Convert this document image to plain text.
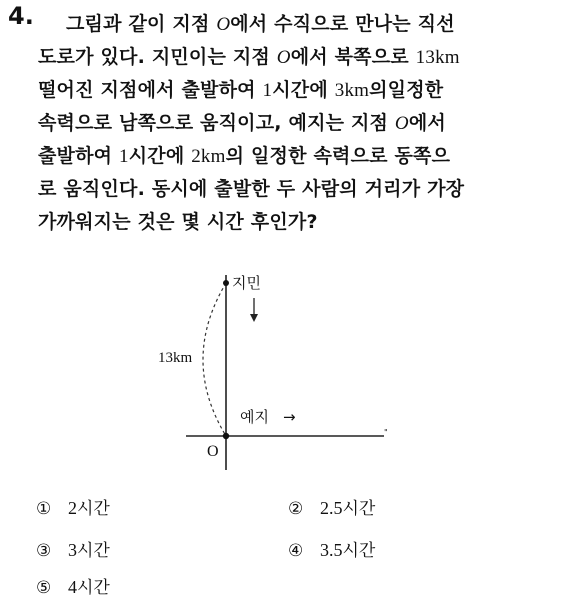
4.	그림과 같이 지점 O에서 수직으로 만나는 직선
도로가 있다. 지민이는 지점 O에서 북쪽으로 13km
떨어진 지점에서 출발하여 1시간에 3km의일정한
속력으로 남쪽으로 움직이고, 예지는 지점 O에서
출발하여 1시간에 2km의 일정한 속력으로 동쪽으
로 움직인다. 동시에 출발한 두 사람의 거리가 가장
가까워지는 것은 몇 시간 후인가?
"
지민
13km
예지 →
O
① 2시간	② 2.5시간
③ 3시간	④ 3.5시간
⑤ 4시간
